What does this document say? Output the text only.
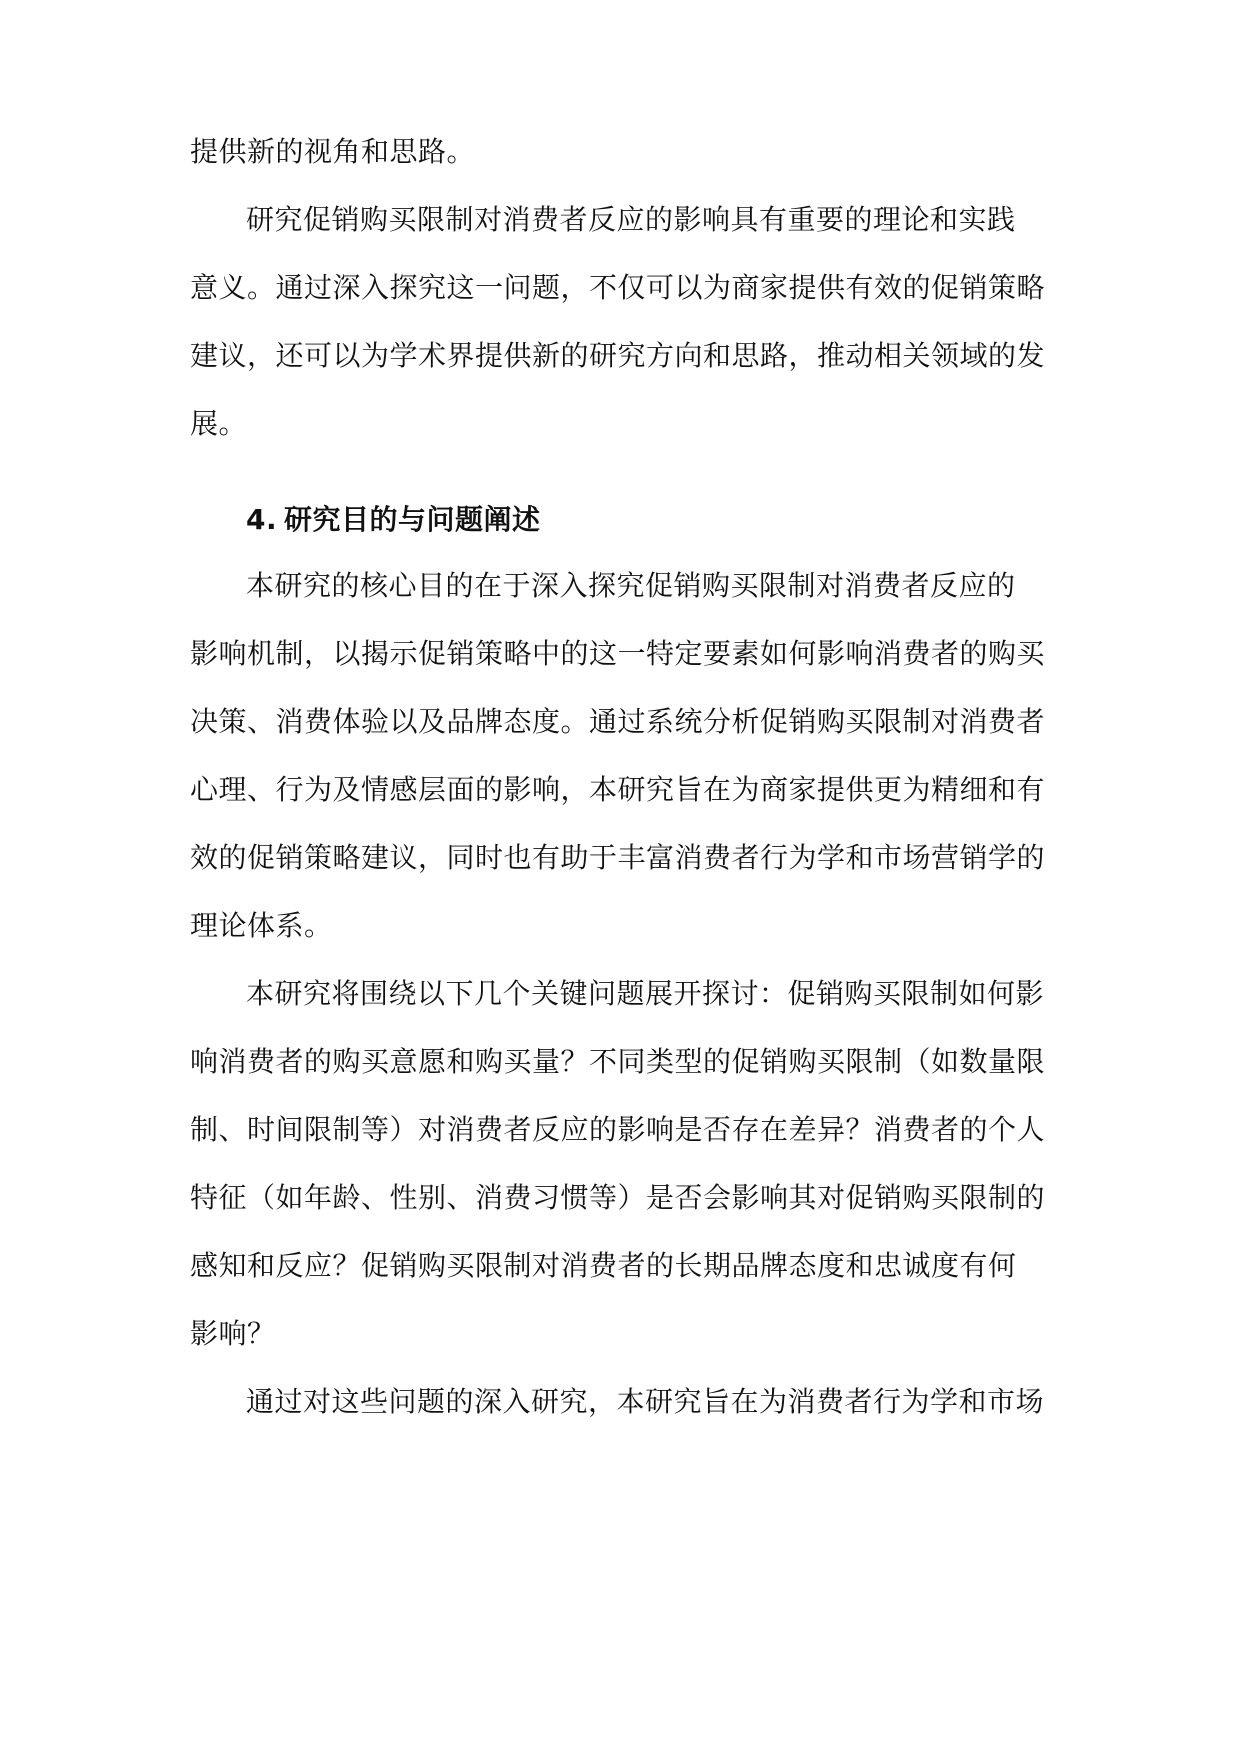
提供新的视角和思路。
研究促销购买限制对消费者反应的影响具有重要的理论和实践
意义。通过深入探究这一问题，不仅可以为商家提供有效的促销策略
建议，还可以为学术界提供新的研究方向和思路，推动相关领域的发
展。
4. 研究目的与问题阐述
本研究的核心目的在于深入探究促销购买限制对消费者反应的
影响机制，以揭示促销策略中的这一特定要素如何影响消费者的购买
决策、消费体验以及品牌态度。通过系统分析促销购买限制对消费者
心理、行为及情感层面的影响，本研究旨在为商家提供更为精细和有
效的促销策略建议，同时也有助于丰富消费者行为学和市场营销学的
理论体系。
本研究将围绕以下几个关键问题展开探讨：促销购买限制如何影
响消费者的购买意愿和购买量？不同类型的促销购买限制（如数量限
制、时间限制等）对消费者反应的影响是否存在差异？消费者的个人
特征（如年龄、性别、消费习惯等）是否会影响其对促销购买限制的
感知和反应？促销购买限制对消费者的长期品牌态度和忠诚度有何
影响？
通过对这些问题的深入研究，本研究旨在为消费者行为学和市场
